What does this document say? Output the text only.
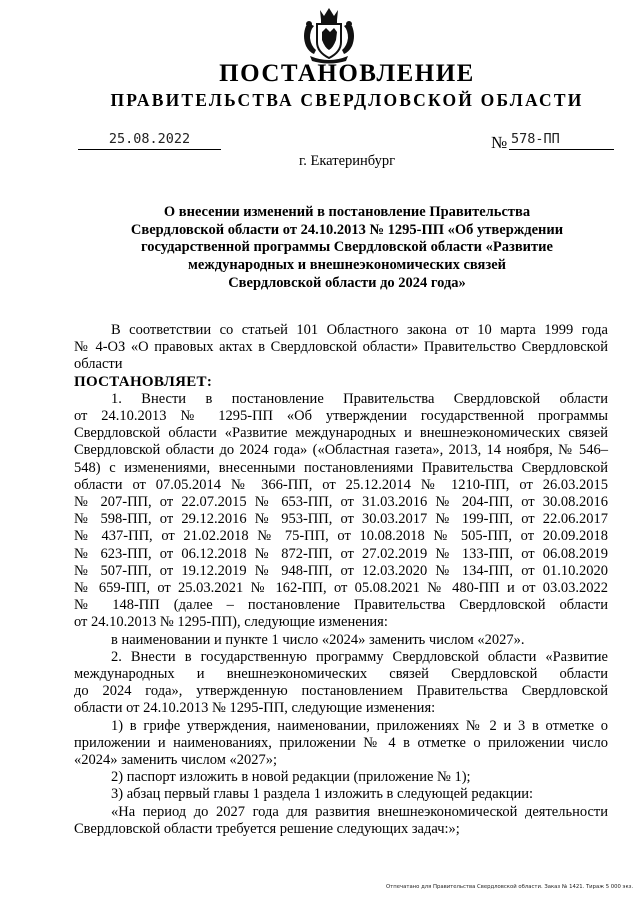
ПОСТАНОВЛЕНИЕ
ПРАВИТЕЛЬСТВА СВЕРДЛОВСКОЙ ОБЛАСТИ
25.08.2022	№ 578-ПП
г. Екатеринбург
О внесении изменений в постановление Правительства
Свердловской области от 24.10.2013 № 1295-ПП «Об утверждении
государственной программы Свердловской области «Развитие
международных и внешнеэкономических связей
Свердловской области до 2024 года»
В соответствии со статьей 101 Областного закона от 10 марта 1999 года
№ 4-ОЗ «О правовых актах в Свердловской области» Правительство Свердловской
области
ПОСТАНОВЛЯЕТ:
1. Внести в постановление Правительства Свердловской области
от 24.10.2013 № 1295-ПП «Об утверждении государственной программы
Свердловской области «Развитие международных и внешнеэкономических связей
Свердловской области до 2024 года» («Областная газета», 2013, 14 ноября, № 546–
548) с изменениями, внесенными постановлениями Правительства Свердловской
области от 07.05.2014 № 366-ПП, от 25.12.2014 № 1210-ПП, от 26.03.2015
№ 207-ПП, от 22.07.2015 № 653-ПП, от 31.03.2016 № 204-ПП, от 30.08.2016
№ 598-ПП, от 29.12.2016 № 953-ПП, от 30.03.2017 № 199-ПП, от 22.06.2017
№ 437-ПП, от 21.02.2018 № 75-ПП, от 10.08.2018 № 505-ПП, от 20.09.2018
№ 623-ПП, от 06.12.2018 № 872-ПП, от 27.02.2019 № 133-ПП, от 06.08.2019
№ 507-ПП, от 19.12.2019 № 948-ПП, от 12.03.2020 № 134-ПП, от 01.10.2020
№ 659-ПП, от 25.03.2021 № 162-ПП, от 05.08.2021 № 480-ПП и от 03.03.2022
№ 148-ПП (далее – постановление Правительства Свердловской области
от 24.10.2013 № 1295-ПП), следующие изменения:
в наименовании и пункте 1 число «2024» заменить числом «2027».
2. Внести в государственную программу Свердловской области «Развитие
международных и внешнеэкономических связей Свердловской области
до 2024 года», утвержденную постановлением Правительства Свердловской
области от 24.10.2013 № 1295-ПП, следующие изменения:
1) в грифе утверждения, наименовании, приложениях № 2 и 3 в отметке о
приложении и наименованиях, приложении № 4 в отметке о приложении число
«2024» заменить числом «2027»;
2) паспорт изложить в новой редакции (приложение № 1);
3) абзац первый главы 1 раздела 1 изложить в следующей редакции:
«На период до 2027 года для развития внешнеэкономической деятельности
Свердловской области требуется решение следующих задач:»;
Отпечатано для Правительства Свердловской области. Заказ № 1421. Тираж 5 000 экз.
